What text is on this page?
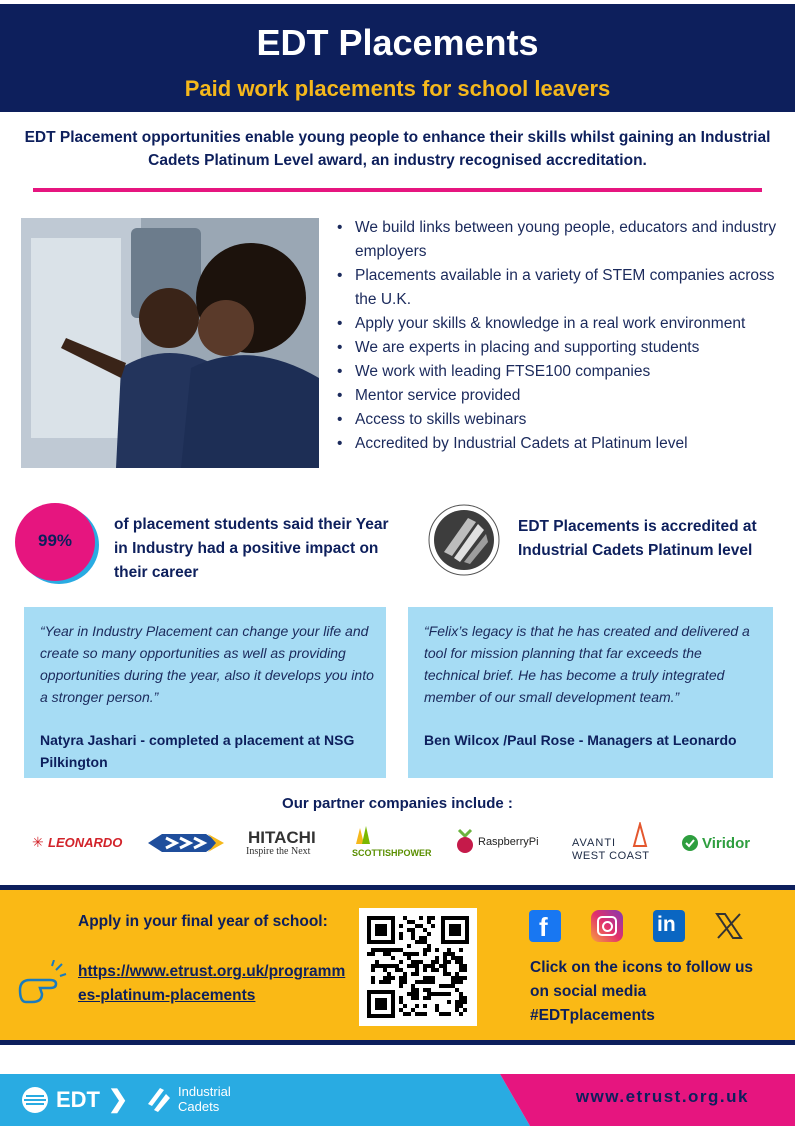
EDT Placements
Paid work placements for school leavers
EDT Placement opportunities enable young people to enhance their skills whilst gaining an Industrial Cadets Platinum Level award, an industry recognised accreditation.
• We build links between young people, educators and industry employers
• Placements available in a variety of STEM companies across the U.K.
• Apply your skills & knowledge in a real work environment
• We are experts in placing and supporting students
• We work with leading FTSE100 companies
• Mentor service provided
• Access to skills webinars
• Accredited by Industrial Cadets at Platinum level
99%
of placement students said their Year in Industry had a positive impact on their career
EDT Placements is accredited at Industrial Cadets Platinum level
“Year in Industry Placement can change your life and create so many opportunities as well as providing opportunities during the year, also it develops you into a stronger person.”
Natyra Jashari - completed a placement at NSG Pilkington
“Felix’s legacy is that he has created and delivered a tool for mission planning that far exceeds the technical brief. He has become a truly integrated member of our small development team.”
Ben Wilcox /Paul Rose - Managers at Leonardo
Our partner companies include :
✳ LEONARDO	HITACHI
Inspire the Next	SCOTTISHPOWER
RaspberryPi	AVANTI
WEST COAST
Viridor
Apply in your final year of school:
https://www.etrust.org.uk/programmes-platinum-placements
f	in
Click on the icons to follow us on social media #EDTplacements
EDT ❯	Industrial
Cadets
www.etrust.org.uk
